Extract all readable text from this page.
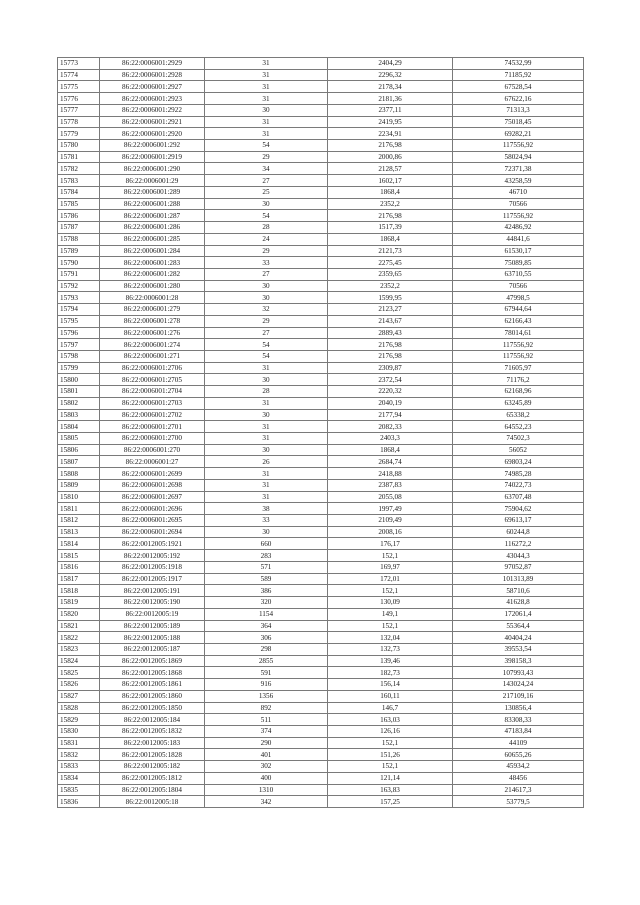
15773	86:22:0006001:2929	31	2404,29	74532,99
15774	86:22:0006001:2928	31	2296,32	71185,92
15775	86:22:0006001:2927	31	2178,34	67528,54
15776	86:22:0006001:2923	31	2181,36	67622,16
15777	86:22:0006001:2922	30	2377,11	71313,3
15778	86:22:0006001:2921	31	2419,95	75018,45
15779	86:22:0006001:2920	31	2234,91	69282,21
15780	86:22:0006001:292	54	2176,98	117556,92
15781	86:22:0006001:2919	29	2000,86	58024,94
15782	86:22:0006001:290	34	2128,57	72371,38
15783	86:22:0006001:29	27	1602,17	43258,59
15784	86:22:0006001:289	25	1868,4	46710
15785	86:22:0006001:288	30	2352,2	70566
15786	86:22:0006001:287	54	2176,98	117556,92
15787	86:22:0006001:286	28	1517,39	42486,92
15788	86:22:0006001:285	24	1868,4	44841,6
15789	86:22:0006001:284	29	2121,73	61530,17
15790	86:22:0006001:283	33	2275,45	75089,85
15791	86:22:0006001:282	27	2359,65	63710,55
15792	86:22:0006001:280	30	2352,2	70566
15793	86:22:0006001:28	30	1599,95	47998,5
15794	86:22:0006001:279	32	2123,27	67944,64
15795	86:22:0006001:278	29	2143,67	62166,43
15796	86:22:0006001:276	27	2889,43	78014,61
15797	86:22:0006001:274	54	2176,98	117556,92
15798	86:22:0006001:271	54	2176,98	117556,92
15799	86:22:0006001:2706	31	2309,87	71605,97
15800	86:22:0006001:2705	30	2372,54	71176,2
15801	86:22:0006001:2704	28	2220,32	62168,96
15802	86:22:0006001:2703	31	2040,19	63245,89
15803	86:22:0006001:2702	30	2177,94	65338,2
15804	86:22:0006001:2701	31	2082,33	64552,23
15805	86:22:0006001:2700	31	2403,3	74502,3
15806	86:22:0006001:270	30	1868,4	56052
15807	86:22:0006001:27	26	2684,74	69803,24
15808	86:22:0006001:2699	31	2418,88	74985,28
15809	86:22:0006001:2698	31	2387,83	74022,73
15810	86:22:0006001:2697	31	2055,08	63707,48
15811	86:22:0006001:2696	38	1997,49	75904,62
15812	86:22:0006001:2695	33	2109,49	69613,17
15813	86:22:0006001:2694	30	2008,16	60244,8
15814	86:22:0012005:1921	660	176,17	116272,2
15815	86:22:0012005:192	283	152,1	43044,3
15816	86:22:0012005:1918	571	169,97	97052,87
15817	86:22:0012005:1917	589	172,01	101313,89
15818	86:22:0012005:191	386	152,1	58710,6
15819	86:22:0012005:190	320	130,09	41628,8
15820	86:22:0012005:19	1154	149,1	172061,4
15821	86:22:0012005:189	364	152,1	55364,4
15822	86:22:0012005:188	306	132,04	40404,24
15823	86:22:0012005:187	298	132,73	39553,54
15824	86:22:0012005:1869	2855	139,46	398158,3
15825	86:22:0012005:1868	591	182,73	107993,43
15826	86:22:0012005:1861	916	156,14	143024,24
15827	86:22:0012005:1860	1356	160,11	217109,16
15828	86:22:0012005:1850	892	146,7	130856,4
15829	86:22:0012005:184	511	163,03	83308,33
15830	86:22:0012005:1832	374	126,16	47183,84
15831	86:22:0012005:183	290	152,1	44109
15832	86:22:0012005:1828	401	151,26	60655,26
15833	86:22:0012005:182	302	152,1	45934,2
15834	86:22:0012005:1812	400	121,14	48456
15835	86:22:0012005:1804	1310	163,83	214617,3
15836	86:22:0012005:18	342	157,25	53779,5
